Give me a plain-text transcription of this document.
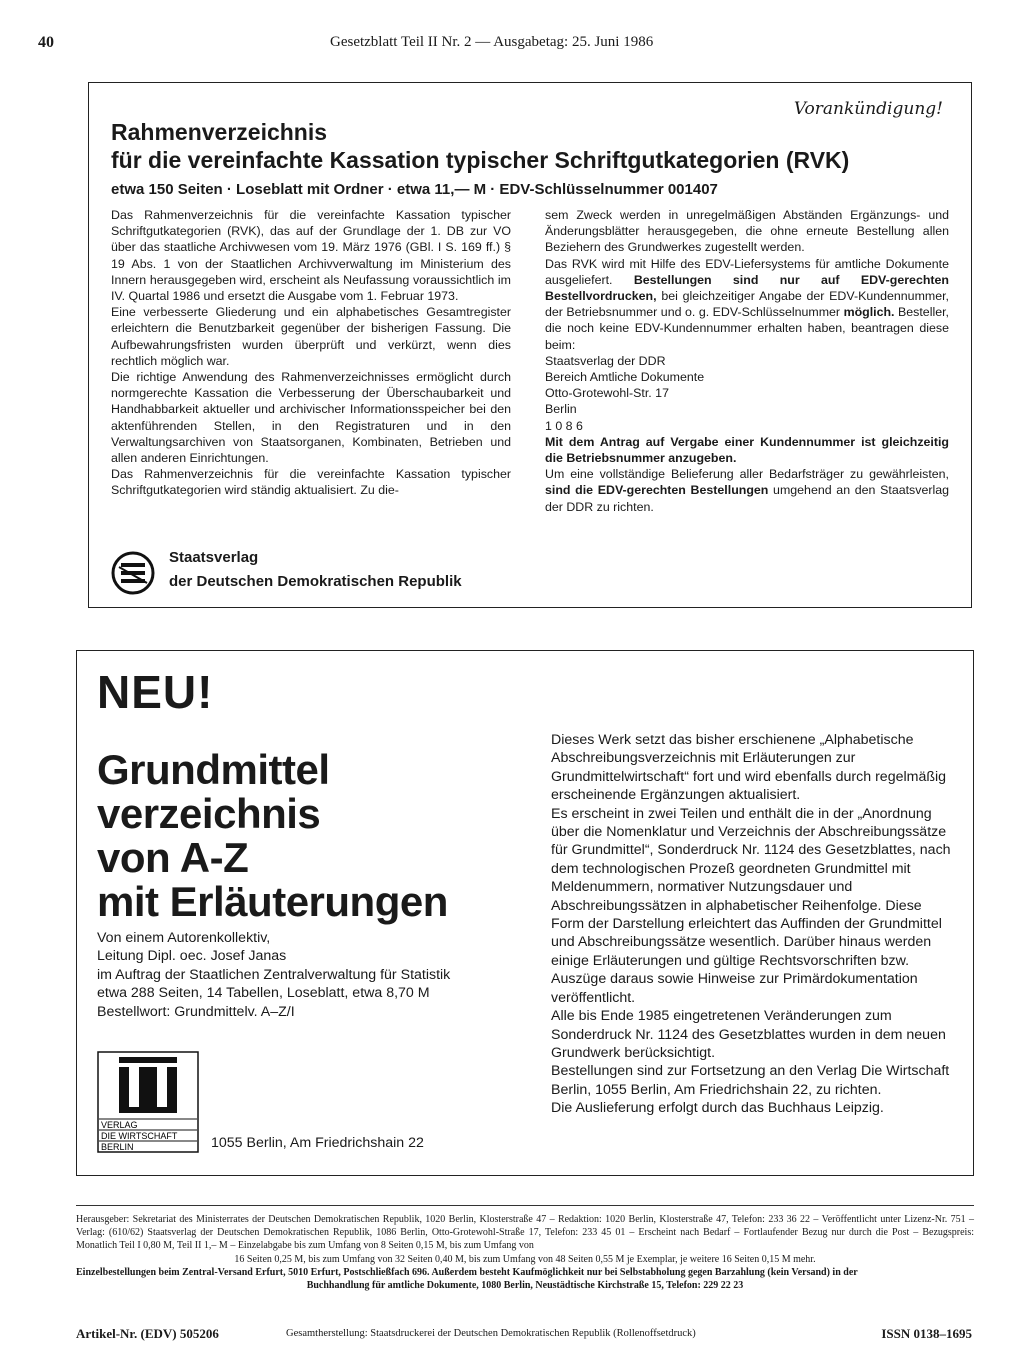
40	Gesetzblatt Teil II Nr. 2 — Ausgabetag: 25. Juni 1986
Vorankündigung!
Rahmenverzeichnis
für die vereinfachte Kassation typischer Schriftgutkategorien (RVK)
etwa 150 Seiten · Loseblatt mit Ordner · etwa 11,— M · EDV-Schlüsselnummer 001407

Das Rahmenverzeichnis für die vereinfachte Kassation typischer Schriftgutkategorien (RVK), das auf der Grundlage der 1. DB zur VO über das staatliche Archivwesen vom 19. März 1976 (GBl. I S. 169 ff.) § 19 Abs. 1 von der Staatlichen Archivverwaltung im Ministerium des Innern herausgegeben wird, erscheint als Neufassung voraussichtlich im IV. Quartal 1986 und ersetzt die Ausgabe vom 1. Februar 1973.

Eine verbesserte Gliederung und ein alphabetisches Gesamtregister erleichtern die Benutzbarkeit gegenüber der bisherigen Fassung. Die Aufbewahrungsfristen wurden überprüft und verkürzt, wenn dies rechtlich möglich war.

Die richtige Anwendung des Rahmenverzeichnisses ermöglicht durch normgerechte Kassation die Verbesserung der Überschaubarkeit und Handhabbarkeit aktueller und archivischer Informationsspeicher bei den aktenführenden Stellen, in den Registraturen und in den Verwaltungsarchiven von Staatsorganen, Kombinaten, Betrieben und allen anderen Einrichtungen.

Das Rahmenverzeichnis für die vereinfachte Kassation typischer Schriftgutkategorien wird ständig aktualisiert. Zu die-

sem Zweck werden in unregelmäßigen Abständen Ergänzungs- und Änderungsblätter herausgegeben, die ohne erneute Bestellung allen Beziehern des Grundwerkes zugestellt werden.

Das RVK wird mit Hilfe des EDV-Liefersystems für amtliche Dokumente ausgeliefert. Bestellungen sind nur auf EDV-gerechten Bestellvordrucken, bei gleichzeitiger Angabe der EDV-Kundennummer, der Betriebsnummer und o. g. EDV-Schlüsselnummer möglich. Besteller, die noch keine EDV-Kundennummer erhalten haben, beantragen diese beim:

Staatsverlag der DDR
Bereich Amtliche Dokumente
Otto-Grotewohl-Str. 17
Berlin
1 0 8 6

Mit dem Antrag auf Vergabe einer Kundennummer ist gleichzeitig die Betriebsnummer anzugeben.

Um eine vollständige Belieferung aller Bedarfsträger zu gewährleisten, sind die EDV-gerechten Bestellungen umgehend an den Staatsverlag der DDR zu richten.

Staatsverlag
der Deutschen Demokratischen Republik
NEU!
Grundmittel
verzeichnis
von A-Z
mit Erläuterungen
Von einem Autorenkollektiv,
Leitung Dipl. oec. Josef Janas
im Auftrag der Staatlichen Zentralverwaltung für Statistik
etwa 288 Seiten, 14 Tabellen, Loseblatt, etwa 8,70 M
Bestellwort: Grundmittelv. A–Z/I
VERLAG
DIE WIRTSCHAFT
BERLIN	1055 Berlin, Am Friedrichshain 22

Dieses Werk setzt das bisher erschienene „Alphabetische Abschreibungsverzeichnis mit Erläuterungen zur Grundmittelwirtschaft“ fort und wird ebenfalls durch regelmäßig erscheinende Ergänzungen aktualisiert.

Es erscheint in zwei Teilen und enthält die in der „Anordnung über die Nomenklatur und Verzeichnis der Abschreibungssätze für Grundmittel“, Sonderdruck Nr. 1124 des Gesetzblattes, nach dem technologischen Prozeß geordneten Grundmittel mit Meldenummern, normativer Nutzungsdauer und Abschreibungssätzen in alphabetischer Reihenfolge. Diese Form der Darstellung erleichtert das Auffinden der Grundmittel und Abschreibungssätze wesentlich. Darüber hinaus werden einige Erläuterungen und gültige Rechtsvorschriften bzw. Auszüge daraus sowie Hinweise zur Primärdokumentation veröffentlicht.

Alle bis Ende 1985 eingetretenen Veränderungen zum Sonderdruck Nr. 1124 des Gesetzblattes wurden in dem neuen Grundwerk berücksichtigt.

Bestellungen sind zur Fortsetzung an den Verlag Die Wirtschaft Berlin, 1055 Berlin, Am Friedrichshain 22, zu richten.

Die Auslieferung erfolgt durch das Buchhaus Leipzig.

Herausgeber: Sekretariat des Ministerrates der Deutschen Demokratischen Republik, 1020 Berlin, Klosterstraße 47 – Redaktion: 1020 Berlin, Klosterstraße 47, Telefon: 233 36 22 – Veröffentlicht unter Lizenz-Nr. 751 – Verlag: (610/62) Staatsverlag der Deutschen Demokratischen Republik, 1086 Berlin, Otto-Grotewohl-Straße 17, Telefon: 233 45 01 – Erscheint nach Bedarf – Fortlaufender Bezug nur durch die Post – Bezugspreis: Monatlich Teil I 0,80 M, Teil II 1,– M – Einzelabgabe bis zum Umfang von 8 Seiten 0,15 M, bis zum Umfang von

16 Seiten 0,25 M, bis zum Umfang von 32 Seiten 0,40 M, bis zum Umfang von 48 Seiten 0,55 M je Exemplar, je weitere 16 Seiten 0,15 M mehr.

Einzelbestellungen beim Zentral-Versand Erfurt, 5010 Erfurt, Postschließfach 696. Außerdem besteht Kaufmöglichkeit nur bei Selbstabholung gegen Barzahlung (kein Versand) in der

Buchhandlung für amtliche Dokumente, 1080 Berlin, Neustädtische Kirchstraße 15, Telefon: 229 22 23

Artikel-Nr. (EDV) 505206	Gesamtherstellung: Staatsdruckerei der Deutschen Demokratischen Republik (Rollenoffsetdruck)	ISSN 0138–1695
